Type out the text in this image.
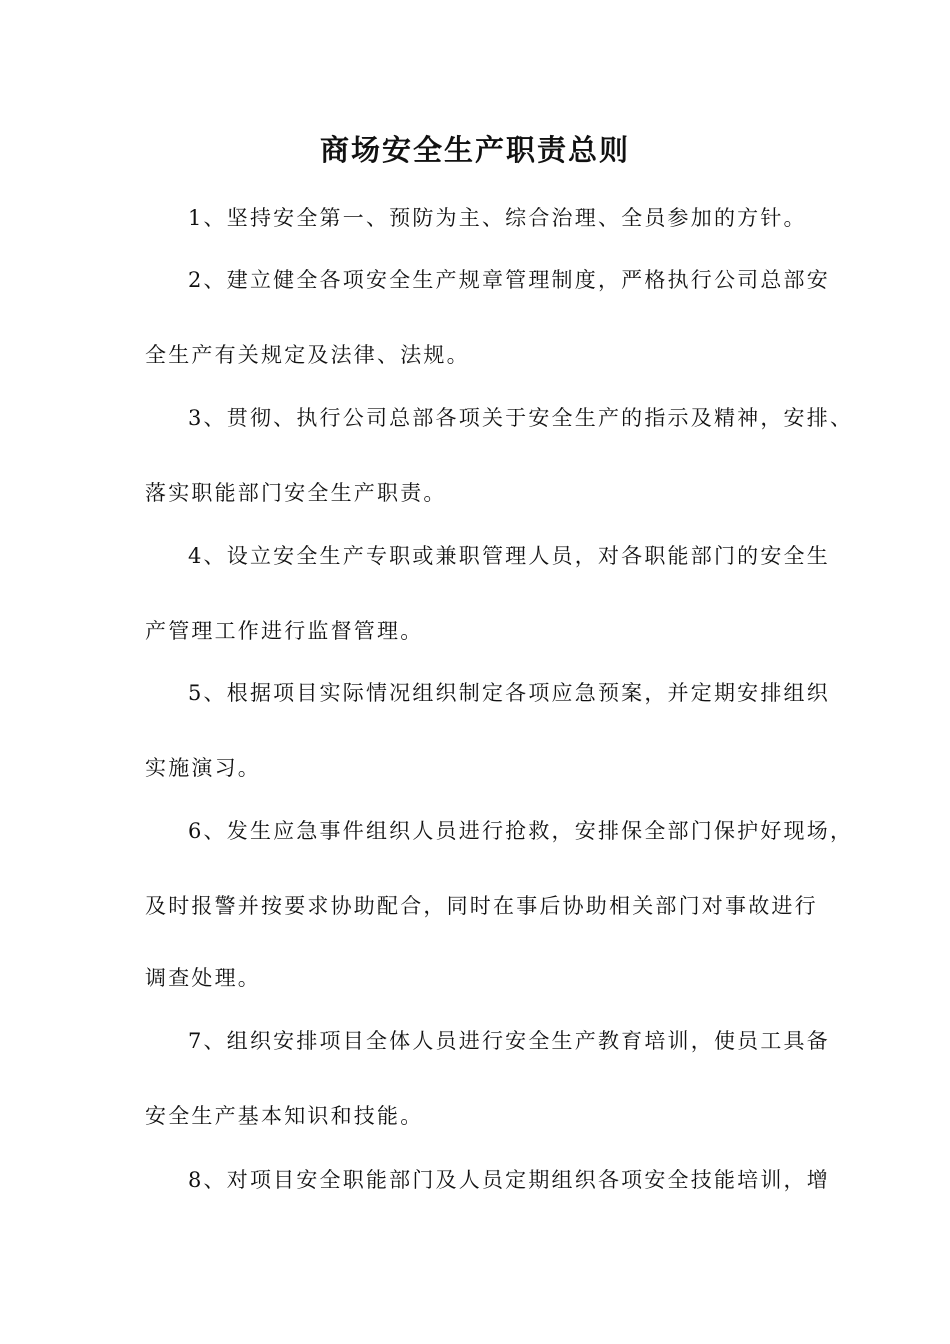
商场安全生产职责总则
1、坚持安全第一、预防为主、综合治理、全员参加的方针。
2、建立健全各项安全生产规章管理制度，严格执行公司总部安
全生产有关规定及法律、法规。
3、贯彻、执行公司总部各项关于安全生产的指示及精神，安排、
落实职能部门安全生产职责。
4、设立安全生产专职或兼职管理人员，对各职能部门的安全生
产管理工作进行监督管理。
5、根据项目实际情况组织制定各项应急预案，并定期安排组织
实施演习。
6、发生应急事件组织人员进行抢救，安排保全部门保护好现场，
及时报警并按要求协助配合，同时在事后协助相关部门对事故进行
调查处理。
7、组织安排项目全体人员进行安全生产教育培训，使员工具备
安全生产基本知识和技能。
8、对项目安全职能部门及人员定期组织各项安全技能培训，增
